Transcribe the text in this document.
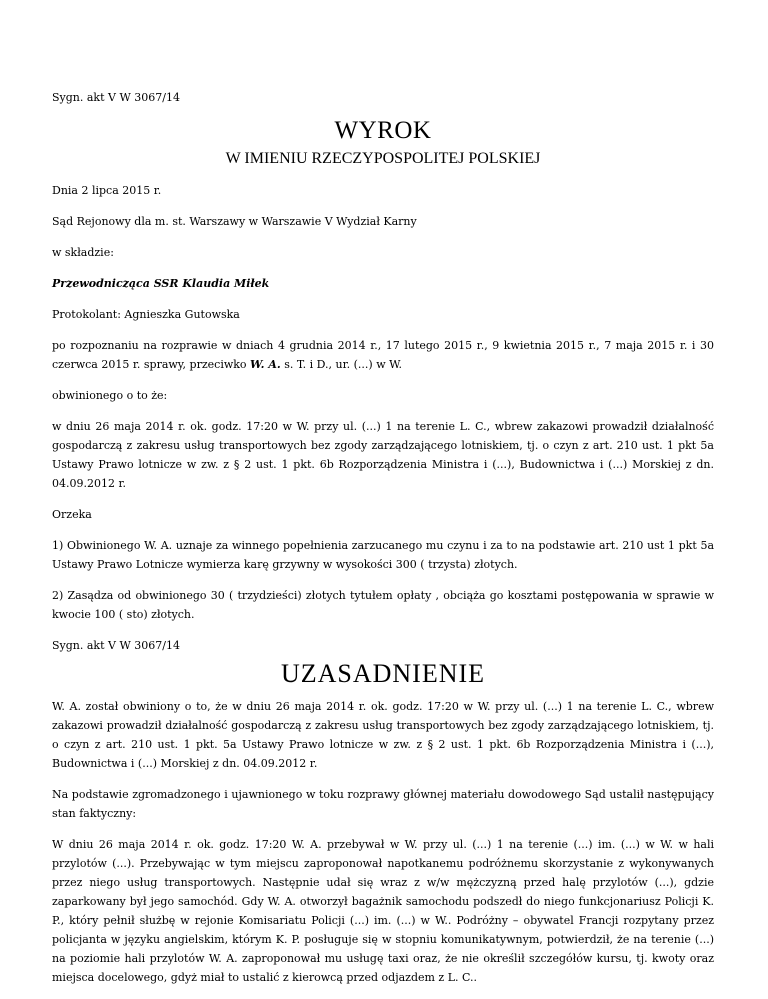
Sygn. akt V W 3067/14

WYROK
W IMIENIU RZECZYPOSPOLITEJ POLSKIEJ

Dnia 2 lipca 2015 r.

Sąd Rejonowy dla m. st. Warszawy w Warszawie V Wydział Karny

w składzie:

Przewodnicząca SSR Klaudia Miłek

Protokolant: Agnieszka Gutowska

po rozpoznaniu na rozprawie w dniach 4 grudnia 2014 r., 17 lutego 2015 r., 9 kwietnia 2015 r., 7 maja 2015 r. i 30 czerwca 2015 r. sprawy, przeciwko W. A. s. T. i D., ur. (...) w W.

obwinionego o to że:

w dniu 26 maja 2014 r. ok. godz. 17:20 w W. przy ul. (...) 1 na terenie L. C., wbrew zakazowi prowadził działalność gospodarczą z zakresu usług transportowych bez zgody zarządzającego lotniskiem, tj. o czyn z art. 210 ust. 1 pkt 5a Ustawy Prawo lotnicze w zw. z § 2 ust. 1 pkt. 6b Rozporządzenia Ministra i (...), Budownictwa i (...) Morskiej z dn. 04.09.2012 r.

Orzeka

1) Obwinionego W. A. uznaje za winnego popełnienia zarzucanego mu czynu i za to na podstawie art. 210 ust 1 pkt 5a Ustawy Prawo Lotnicze wymierza karę grzywny w wysokości 300 ( trzysta) złotych.

2) Zasądza od obwinionego 30 ( trzydzieści) złotych tytułem opłaty , obciąża go kosztami postępowania w sprawie w kwocie 100 ( sto) złotych.

Sygn. akt V W 3067/14

UZASADNIENIE

W. A. został obwiniony o to, że w dniu 26 maja 2014 r. ok. godz. 17:20 w W. przy ul. (...) 1 na terenie L. C., wbrew zakazowi prowadził działalność gospodarczą z zakresu usług transportowych bez zgody zarządzającego lotniskiem, tj. o czyn z art. 210 ust. 1 pkt. 5a Ustawy Prawo lotnicze w zw. z § 2 ust. 1 pkt. 6b Rozporządzenia Ministra i (...), Budownictwa i (...) Morskiej z dn. 04.09.2012 r.

Na podstawie zgromadzonego i ujawnionego w toku rozprawy głównej materiału dowodowego Sąd ustalił następujący stan faktyczny:

W dniu 26 maja 2014 r. ok. godz. 17:20 W. A. przebywał w W. przy ul. (...) 1 na terenie (...) im. (...) w W. w hali przylotów (...). Przebywając w tym miejscu zaproponował napotkanemu podróżnemu skorzystanie z wykonywanych przez niego usług transportowych. Następnie udał się wraz z w/w mężczyzną przed halę przylotów (...), gdzie zaparkowany był jego samochód. Gdy W. A. otworzył bagażnik samochodu podszedł do niego funkcjonariusz Policji K. P., który pełnił służbę w rejonie Komisariatu Policji (...) im. (...) w W.. Podróżny – obywatel Francji rozpytany przez policjanta w języku angielskim, którym K. P. posługuje się w stopniu komunikatywnym, potwierdził, że na terenie (...) na poziomie hali przylotów W. A. zaproponował mu usługę taxi oraz, że nie określił szczegółów kursu, tj. kwoty oraz miejsca docelowego, gdyż miał to ustalić z kierowcą przed odjazdem z L. C..
